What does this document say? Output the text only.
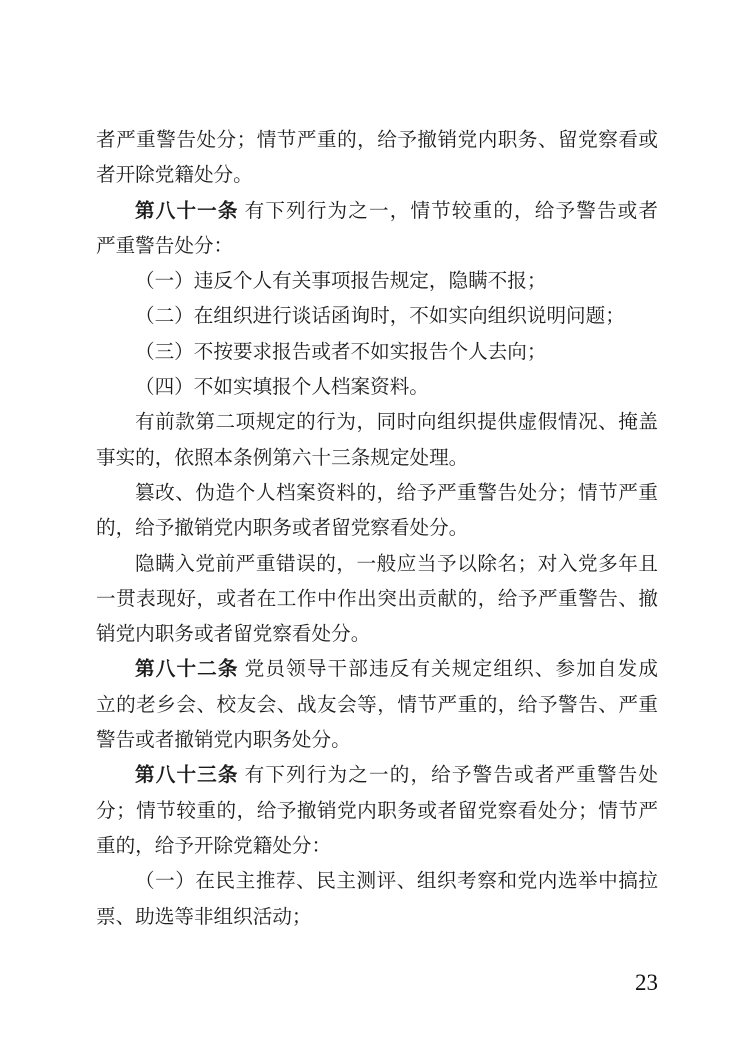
者严重警告处分；情节严重的，给予撤销党内职务、留党察看或
者开除党籍处分。
第八十一条 有下列行为之一，情节较重的，给予警告或者
严重警告处分：
（一）违反个人有关事项报告规定，隐瞒不报；
（二）在组织进行谈话函询时，不如实向组织说明问题；
（三）不按要求报告或者不如实报告个人去向；
（四）不如实填报个人档案资料。
有前款第二项规定的行为，同时向组织提供虚假情况、掩盖
事实的，依照本条例第六十三条规定处理。
篡改、伪造个人档案资料的，给予严重警告处分；情节严重
的，给予撤销党内职务或者留党察看处分。
隐瞒入党前严重错误的，一般应当予以除名；对入党多年且
一贯表现好，或者在工作中作出突出贡献的，给予严重警告、撤
销党内职务或者留党察看处分。
第八十二条 党员领导干部违反有关规定组织、参加自发成
立的老乡会、校友会、战友会等，情节严重的，给予警告、严重
警告或者撤销党内职务处分。
第八十三条 有下列行为之一的，给予警告或者严重警告处
分；情节较重的，给予撤销党内职务或者留党察看处分；情节严
重的，给予开除党籍处分：
（一）在民主推荐、民主测评、组织考察和党内选举中搞拉
票、助选等非组织活动；
23
